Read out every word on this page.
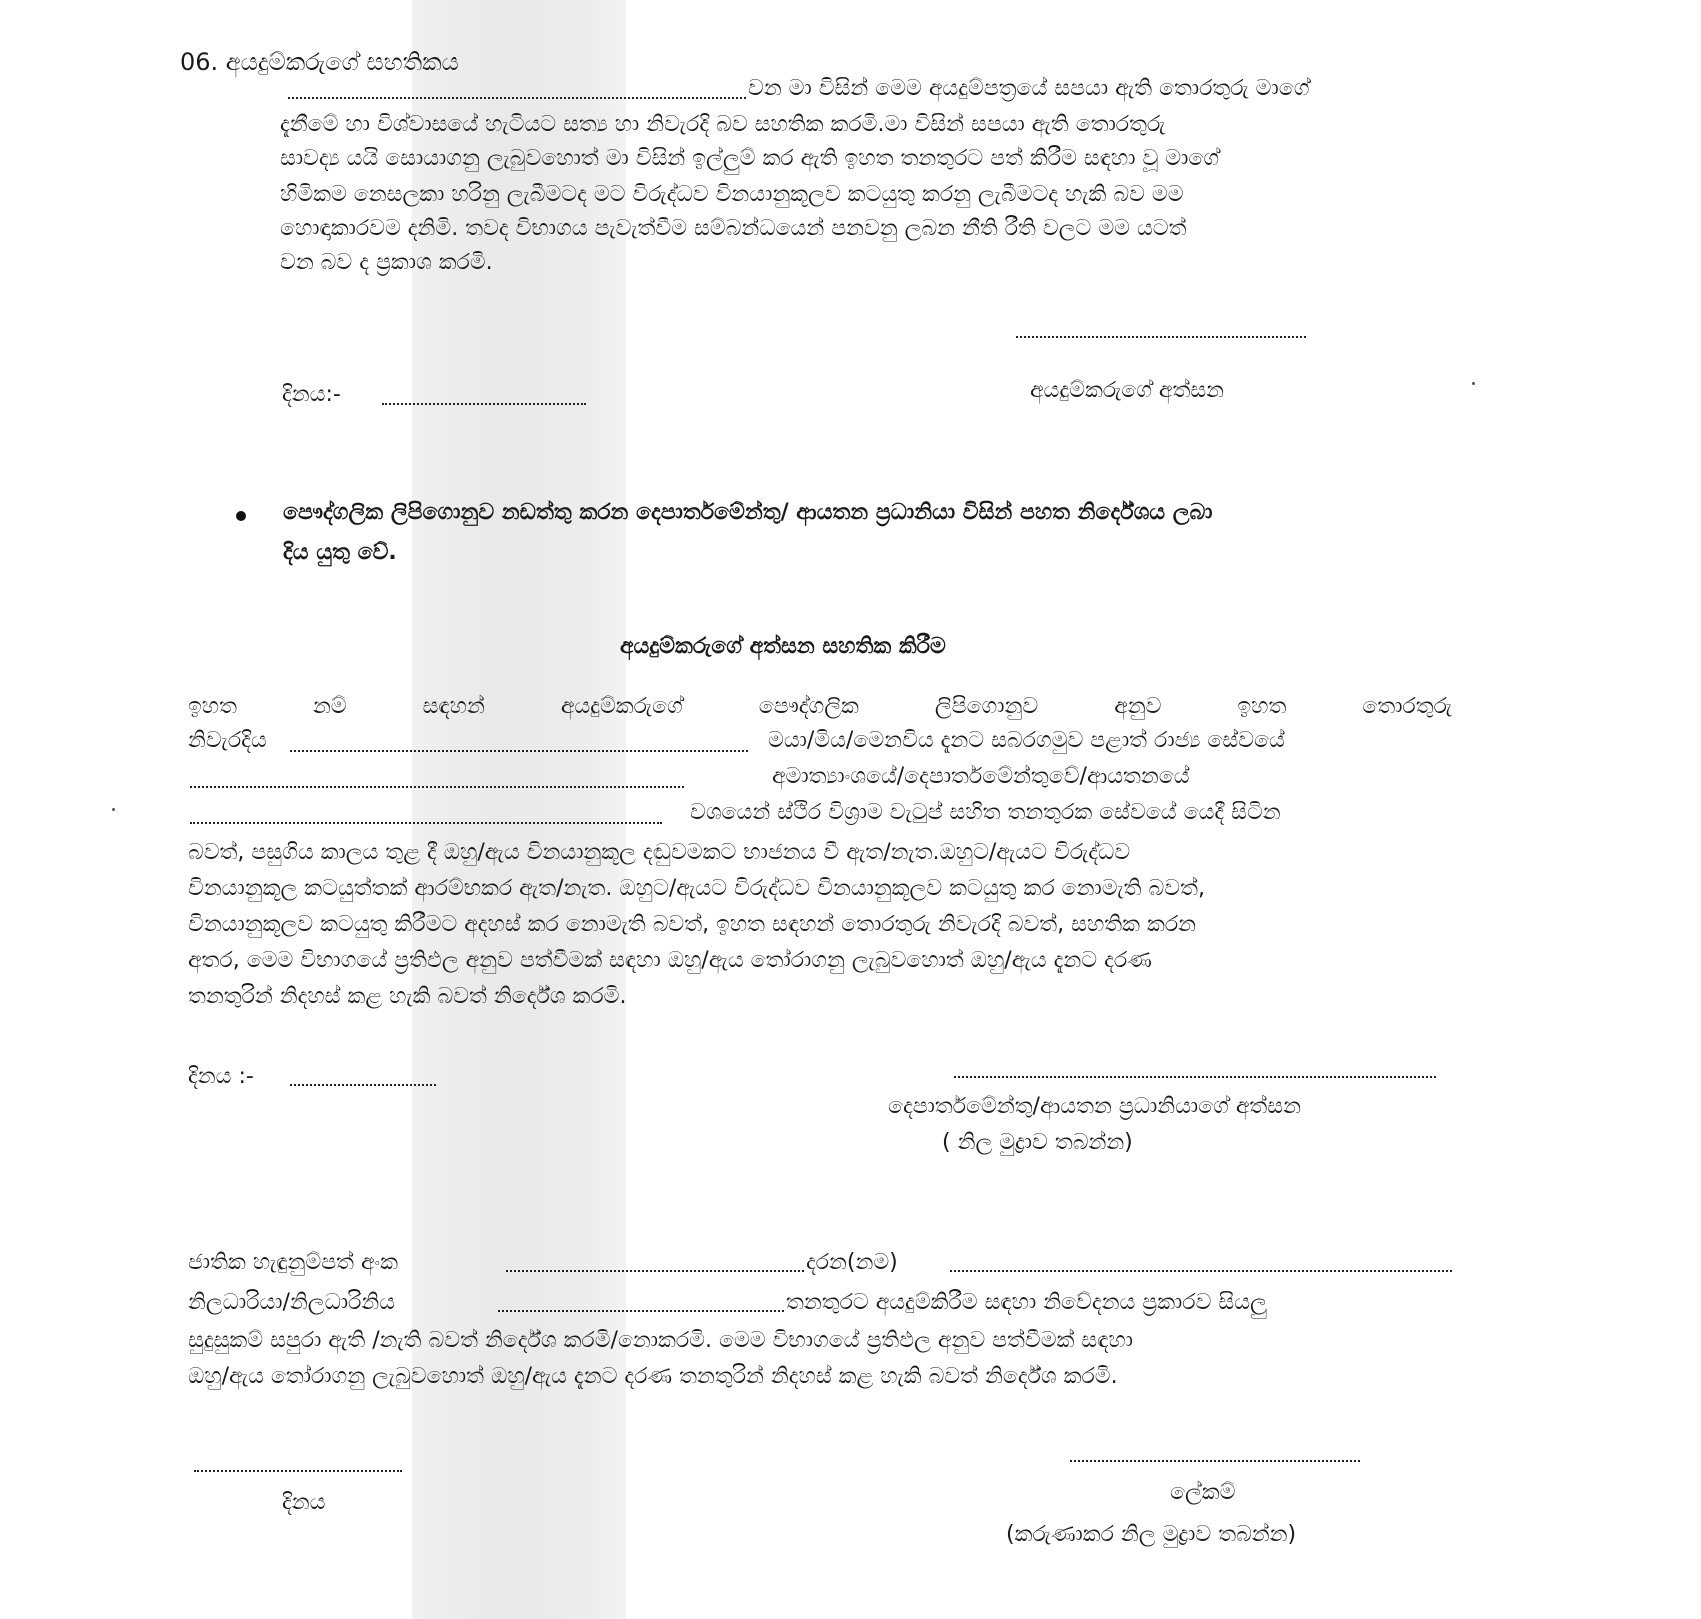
06. අයදුම්කරුගේ සහතිකය
වන මා විසින් මෙම අයදුම්පත්‍රයේ සපයා ඇති තොරතුරු මාගේ
දැනීමේ හා විශ්වාසයේ හැටියට සත්‍ය හා නිවැරදි බව සහතික කරමි.මා විසින් සපයා ඇති තොරතුරු
සාවද්‍ය යයි සොයාගනු ලැබුවහොත් මා විසින් ඉල්ලුම් කර ඇති ඉහත තනතුරට පත් කිරීම සඳහා වූ මාගේ
හිමිකම නෙසලකා හරිනු ලැබීමටද මට විරුද්ධව විනයානුකූලව කටයුතු කරනු ලැබීමටද හැකි බව මම
හොඳාකාරවම දනිමි. තවද විභාගය පැවැත්වීම සම්බන්ධයෙන් පනවනු ලබන නීති රීති වලට මම යටත්
වන බව ද ප්‍රකාශ කරමි.
දිනය:-	අයදුම්කරුගේ අත්සන
පෞද්ගලික ලිපිගොනුව නඩත්තු කරන දෙපාර්තමේන්තු/ ආයතන ප්‍රධානියා විසින් පහත නිර්දේශය ලබා
දිය යුතු වේ.
අයදුම්කරුගේ අත්සන සහතික කිරීම
ඉහත	නම්	සඳහන්	අයදුම්කරුගේ	පෞද්ගලික	ලිපිගොනුව	අනුව	ඉහත	තොරතුරු
නිවැරදිය	මයා/මිය/මෙනවිය දැනට සබරගමුව පළාත් රාජ්‍ය සේවයේ
අමාත්‍යාංශයේ/දෙපාර්තමේන්තුවේ/ආයතනයේ
වශයෙන් ස්ථිර විශ්‍රාම වැටුප් සහිත තනතුරක සේවයේ යෙදී සිටින
බවත්, පසුගිය කාලය තුළ දී ඔහු/ඇය විනයානුකූල දඬුවමකට භාජනය වී ඇත/නැත.ඔහුට/ඇයට විරුද්ධව
විනයානුකූල කටයුත්තක් ආරම්භකර ඇත/නැත. ඔහුට/ඇයට විරුද්ධව විනයානුකූලව කටයුතු කර නොමැති බවත්,
විනයානුකූලව කටයුතු කිරීමට අදහස් කර නොමැති බවත්, ඉහත සඳහන් තොරතුරු නිවැරදි බවත්, සහතික කරන
අතර, මෙම විභාගයේ ප්‍රතිඵල අනුව පත්වීමක් සඳහා ඔහු/ඇය තෝරාගනු ලැබුවහොත් ඔහු/ඇය දැනට දරණ
තනතුරින් නිදහස් කළ හැකි බවත් නිර්දේශ කරමි.
දිනය :-
දෙපාර්තමේන්තු/ආයතන ප්‍රධානියාගේ අත්සන
( නිල මුද්‍රාව තබන්න)
ජාතික හැඳුනුම්පත් අංක	දරන(නම)
නිලධාරියා/නිලධාරිනිය	තනතුරට අයදුම්කිරීම සඳහා නිවේදනය ප්‍රකාරව සියලු
සුදුසුකම් සපුරා ඇති /නැති බවත් නිර්දේශ කරමි/නොකරමි. මෙම විභාගයේ ප්‍රතිඵල අනුව පත්වීමක් සඳහා
ඔහු/ඇය තෝරාගනු ලැබුවහොත් ඔහු/ඇය දැනට දරණ තනතුරින් නිදහස් කළ හැකි බවත් නිර්දේශ කරමි.
දිනය	ලේකම්
(කරුණාකර නිල මුද්‍රාව තබන්න)
